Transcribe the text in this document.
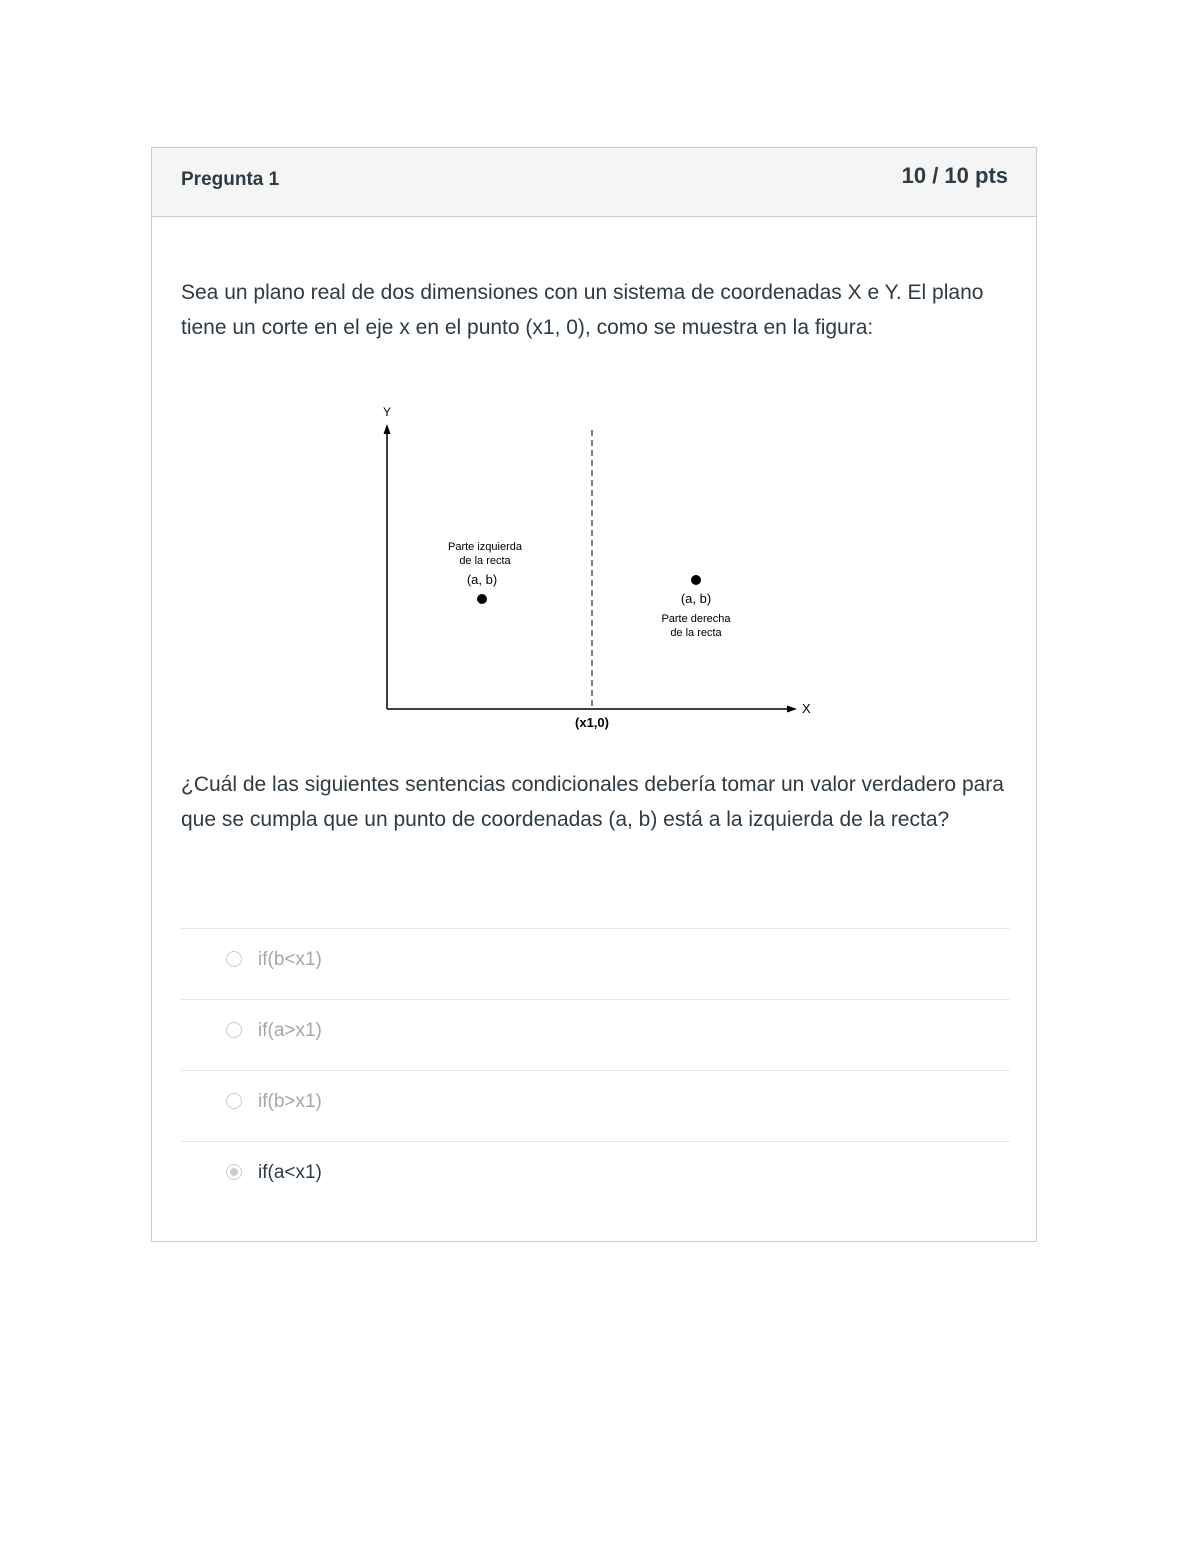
Pregunta 1	10 / 10 pts

Sea un plano real de dos dimensiones con un sistema de coordenadas X e Y. El plano tiene un corte en el eje x en el punto (x1, 0), como se muestra en la figura:

Y
X
(x1,0)
Parte izquierda
de la recta
(a, b)
(a, b)
Parte derecha
de la recta

¿Cuál de las siguientes sentencias condicionales debería tomar un valor verdadero para que se cumpla que un punto de coordenadas (a, b) está a la izquierda de la recta?

if(b<x1)
if(a>x1)
if(b>x1)
if(a<x1)
